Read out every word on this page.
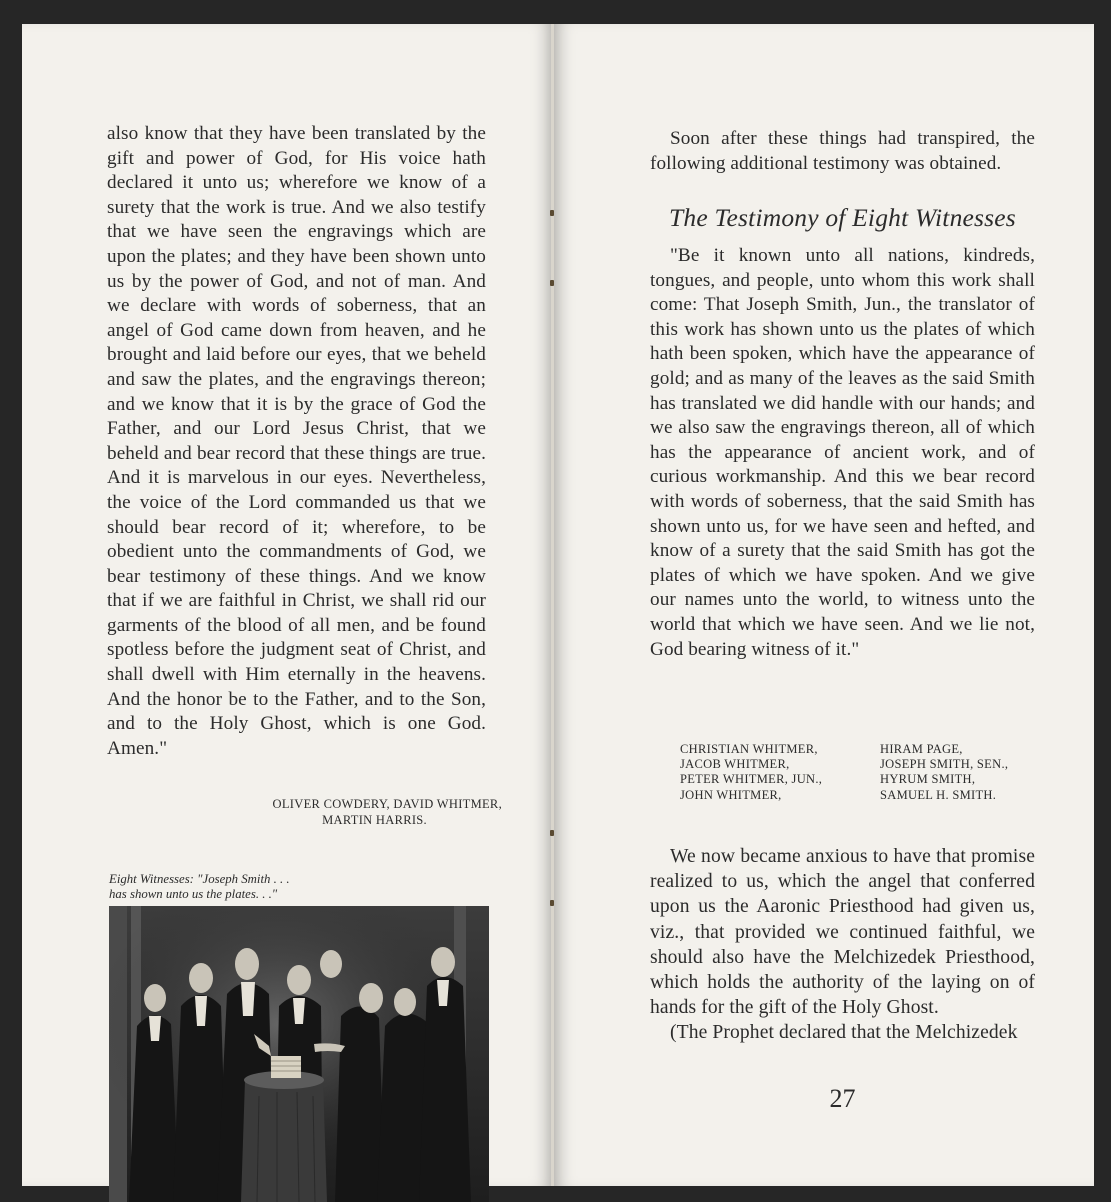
also know that they have been translated by the gift and power of God, for His voice hath declared it unto us; wherefore we know of a surety that the work is true. And we also testify that we have seen the engravings which are upon the plates; and they have been shown unto us by the power of God, and not of man. And we declare with words of soberness, that an angel of God came down from heaven, and he brought and laid before our eyes, that we beheld and saw the plates, and the engravings thereon; and we know that it is by the grace of God the Father, and our Lord Jesus Christ, that we beheld and bear record that these things are true. And it is marvelous in our eyes. Nevertheless, the voice of the Lord commanded us that we should bear record of it; wherefore, to be obedient unto the commandments of God, we bear testimony of these things. And we know that if we are faithful in Christ, we shall rid our garments of the blood of all men, and be found spotless before the judgment seat of Christ, and shall dwell with Him eternally in the heavens. And the honor be to the Father, and to the Son, and to the Holy Ghost, which is one God. Amen."
OLIVER COWDERY, DAVID WHITMER,
MARTIN HARRIS.
Eight Witnesses: "Joseph Smith . . .
has shown unto us the plates. . ."

Soon after these things had transpired, the following additional testimony was obtained.

The Testimony of Eight Witnesses

"Be it known unto all nations, kindreds, tongues, and people, unto whom this work shall come: That Joseph Smith, Jun., the translator of this work has shown unto us the plates of which hath been spoken, which have the appearance of gold; and as many of the leaves as the said Smith has translated we did handle with our hands; and we also saw the engravings thereon, all of which has the appearance of ancient work, and of curious workmanship. And this we bear record with words of soberness, that the said Smith has shown unto us, for we have seen and hefted, and know of a surety that the said Smith has got the plates of which we have spoken. And we give our names unto the world, to witness unto the world that which we have seen. And we lie not, God bearing witness of it."

CHRISTIAN WHITMER,
JACOB WHITMER,
PETER WHITMER, JUN.,
JOHN WHITMER,
HIRAM PAGE,
JOSEPH SMITH, SEN.,
HYRUM SMITH,
SAMUEL H. SMITH.

We now became anxious to have that promise realized to us, which the angel that conferred upon us the Aaronic Priesthood had given us, viz., that provided we continued faithful, we should also have the Melchizedek Priesthood, which holds the authority of the laying on of hands for the gift of the Holy Ghost.

(The Prophet declared that the Melchizedek

27
